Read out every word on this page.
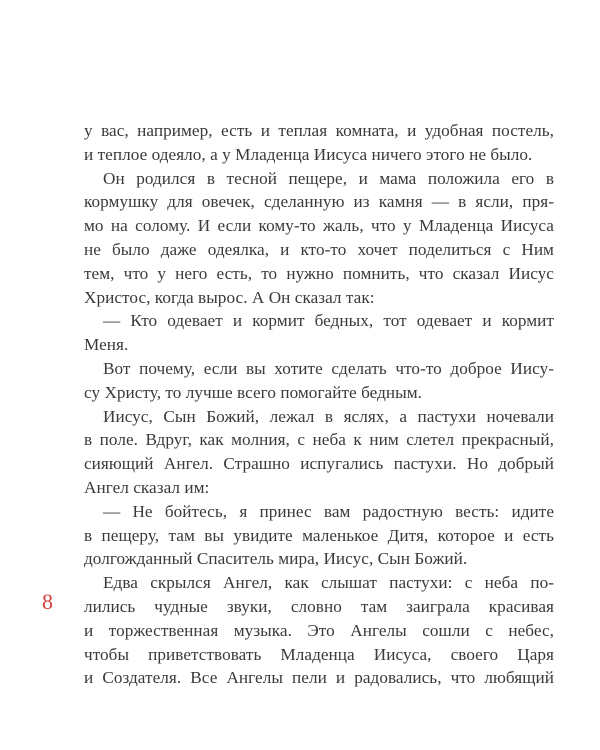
у вас, например, есть и теплая комната, и удобная постель,
и теплое одеяло, а у Младенца Иисуса ничего этого не было.
Он родился в тесной пещере, и мама положила его в
кормушку для овечек, сделанную из камня — в ясли, пря-
мо на солому. И если кому-то жаль, что у Младенца Иисуса
не было даже одеялка, и кто-то хочет поделиться с Ним
тем, что у него есть, то нужно помнить, что сказал Иисус
Христос, когда вырос. А Он сказал так:
— Кто одевает и кормит бедных, тот одевает и кормит
Меня.
Вот почему, если вы хотите сделать что-то доброе Иису-
су Христу, то лучше всего помогайте бедным.
Иисус, Сын Божий, лежал в яслях, а пастухи ночевали
в поле. Вдруг, как молния, с неба к ним слетел прекрасный,
сияющий Ангел. Страшно испугались пастухи. Но добрый
Ангел сказал им:
— Не бойтесь, я принес вам радостную весть: идите
в пещеру, там вы увидите маленькое Дитя, которое и есть
долгожданный Спаситель мира, Иисус, Сын Божий.
Едва скрылся Ангел, как слышат пастухи: с неба по-
лились чудные звуки, словно там заиграла красивая
и торжественная музыка. Это Ангелы сошли с небес,
чтобы приветствовать Младенца Иисуса, своего Царя
и Создателя. Все Ангелы пели и радовались, что любящий
8
